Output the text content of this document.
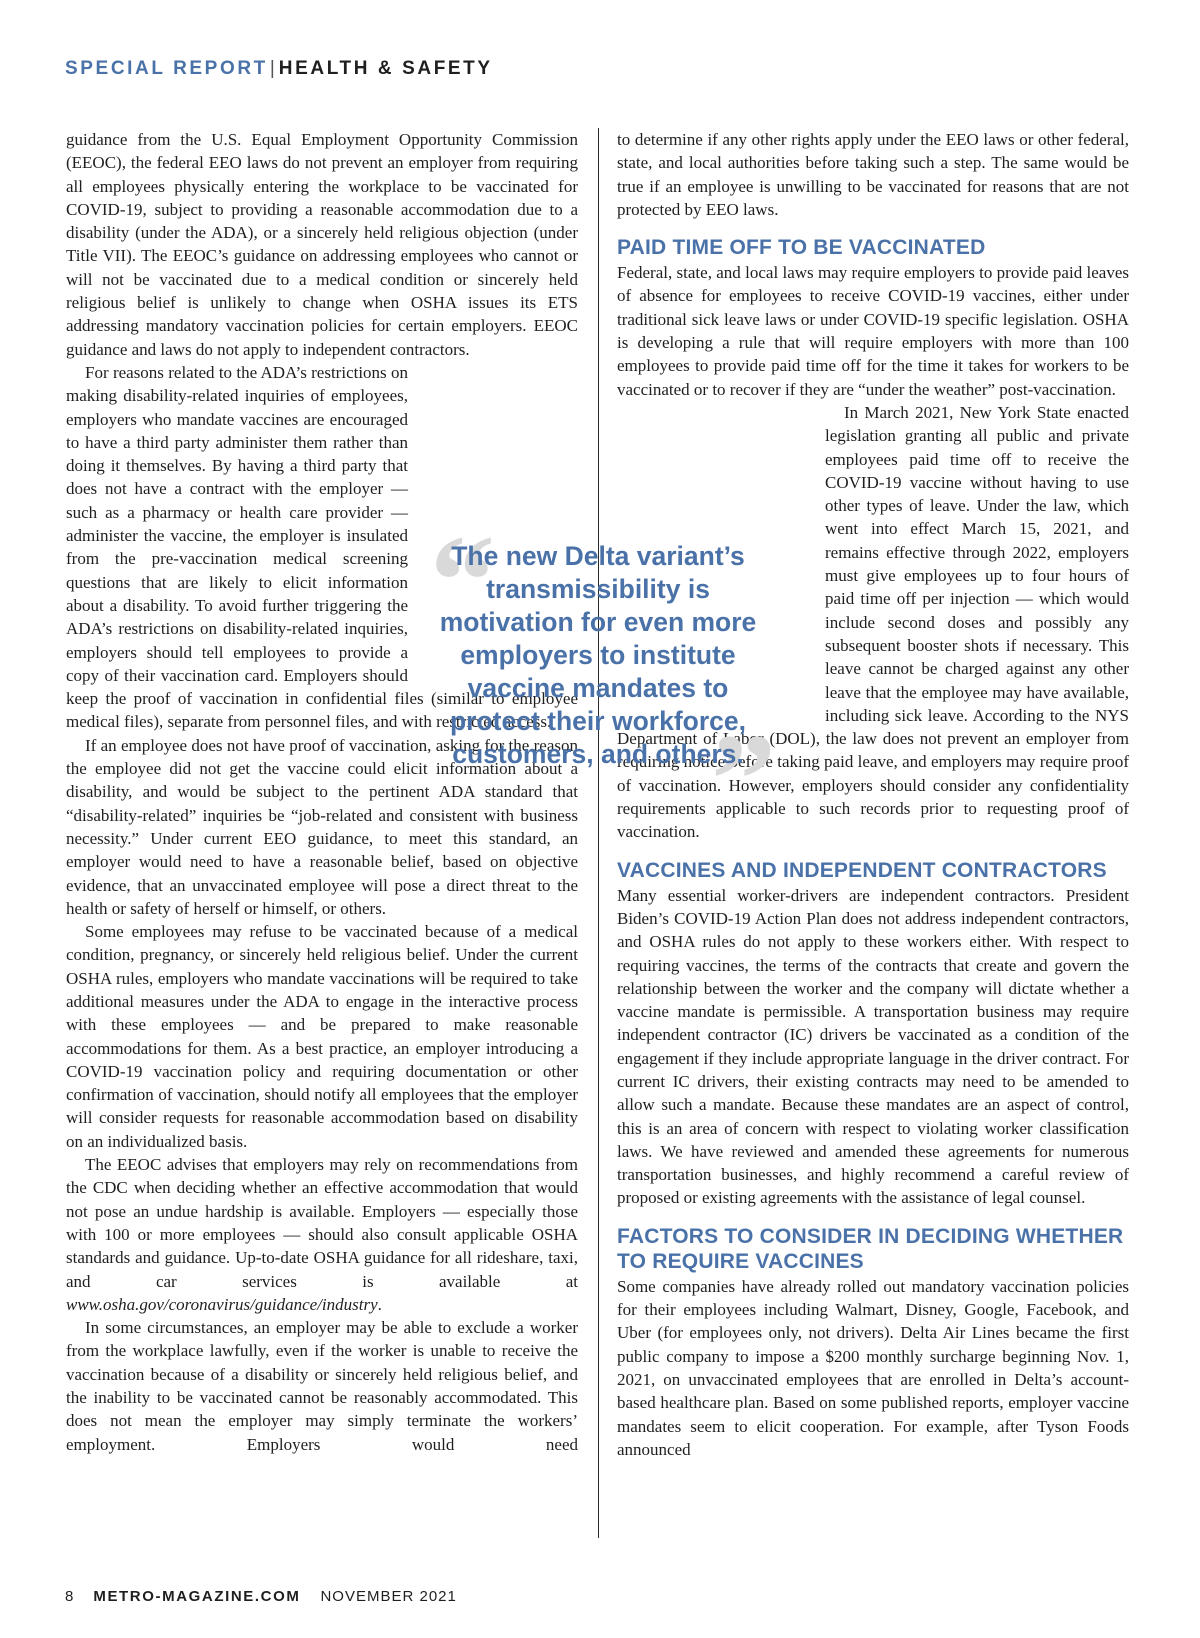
SPECIAL REPORT | HEALTH & SAFETY

guidance from the U.S. Equal Employment Opportunity Commission (EEOC), the federal EEO laws do not prevent an employer from requiring all employees physically entering the workplace to be vaccinated for COVID-19, subject to providing a reasonable accommodation due to a disability (under the ADA), or a sincerely held religious objection (under Title VII). The EEOC’s guidance on addressing employees who cannot or will not be vaccinated due to a medical condition or sincerely held religious belief is unlikely to change when OSHA issues its ETS addressing mandatory vaccination policies for certain employers. EEOC guidance and laws do not apply to independent contractors.

For reasons related to the ADA’s restrictions on making disability-related inquiries of employees, employers who mandate vaccines are encouraged to have a third party administer them rather than doing it themselves. By having a third party that does not have a contract with the employer — such as a pharmacy or health care provider — administer the vaccine, the employer is insulated from the pre-vaccination medical screening questions that are likely to elicit information about a disability. To avoid further triggering the ADA’s restrictions on disability-related inquiries, employers should tell employees to provide a copy of their vaccination card. Employers should keep the proof of vaccination in confidential files (similar to employee medical files), separate from personnel files, and with restricted access.

If an employee does not have proof of vaccination, asking for the reason the employee did not get the vaccine could elicit information about a disability, and would be subject to the pertinent ADA standard that “disability-related” inquiries be “job-related and consistent with business necessity.” Under current EEO guidance, to meet this standard, an employer would need to have a reasonable belief, based on objective evidence, that an unvaccinated employee will pose a direct threat to the health or safety of herself or himself, or others.

Some employees may refuse to be vaccinated because of a medical condition, pregnancy, or sincerely held religious belief. Under the current OSHA rules, employers who mandate vaccinations will be required to take additional measures under the ADA to engage in the interactive process with these employees — and be prepared to make reasonable accommodations for them. As a best practice, an employer introducing a COVID-19 vaccination policy and requiring documentation or other confirmation of vaccination, should notify all employees that the employer will consider requests for reasonable accommodation based on disability on an individualized basis.

The EEOC advises that employers may rely on recommendations from the CDC when deciding whether an effective accommodation that would not pose an undue hardship is available. Employers — especially those with 100 or more employees — should also consult applicable OSHA standards and guidance. Up-to-date OSHA guidance for all rideshare, taxi, and car services is available at www.osha.gov/coronavirus/guidance/industry.

In some circumstances, an employer may be able to exclude a worker from the workplace lawfully, even if the worker is unable to receive the vaccination because of a disability or sincerely held religious belief, and the inability to be vaccinated cannot be reasonably accommodated. This does not mean the employer may simply terminate the workers’ employment. Employers would need

to determine if any other rights apply under the EEO laws or other federal, state, and local authorities before taking such a step. The same would be true if an employee is unwilling to be vaccinated for reasons that are not protected by EEO laws.

PAID TIME OFF TO BE VACCINATED

Federal, state, and local laws may require employers to provide paid leaves of absence for employees to receive COVID-19 vaccines, either under traditional sick leave laws or under COVID-19 specific legislation. OSHA is developing a rule that will require employers with more than 100 employees to provide paid time off for the time it takes for workers to be vaccinated or to recover if they are “under the weather” post-vaccination.

In March 2021, New York State enacted legislation granting all public and private employees paid time off to receive the COVID-19 vaccine without having to use other types of leave. Under the law, which went into effect March 15, 2021, and remains effective through 2022, employers must give employees up to four hours of paid time off per injection — which would include second doses and possibly any subsequent booster shots if necessary. This leave cannot be charged against any other leave that the employee may have available, including sick leave. According to the NYS Department of Labor (DOL), the law does not prevent an employer from requiring notice before taking paid leave, and employers may require proof of vaccination. However, employers should consider any confidentiality requirements applicable to such records prior to requesting proof of vaccination.

VACCINES AND INDEPENDENT CONTRACTORS

Many essential worker-drivers are independent contractors. President Biden’s COVID-19 Action Plan does not address independent contractors, and OSHA rules do not apply to these workers either. With respect to requiring vaccines, the terms of the contracts that create and govern the relationship between the worker and the company will dictate whether a vaccine mandate is permissible. A transportation business may require independent contractor (IC) drivers be vaccinated as a condition of the engagement if they include appropriate language in the driver contract. For current IC drivers, their existing contracts may need to be amended to allow such a mandate. Because these mandates are an aspect of control, this is an area of concern with respect to violating worker classification laws. We have reviewed and amended these agreements for numerous transportation businesses, and highly recommend a careful review of proposed or existing agreements with the assistance of legal counsel.

FACTORS TO CONSIDER IN DECIDING WHETHER TO REQUIRE VACCINES

Some companies have already rolled out mandatory vaccination policies for their employees including Walmart, Disney, Google, Facebook, and Uber (for employees only, not drivers). Delta Air Lines became the first public company to impose a $200 monthly surcharge beginning Nov. 1, 2021, on unvaccinated employees that are enrolled in Delta’s account-based healthcare plan. Based on some published reports, employer vaccine mandates seem to elicit cooperation. For example, after Tyson Foods announced

“
”
The new Delta variant’s transmissibility is motivation for even more employers to institute vaccine mandates to protect their workforce, customers, and others.
8 METRO-MAGAZINE.COM NOVEMBER 2021
